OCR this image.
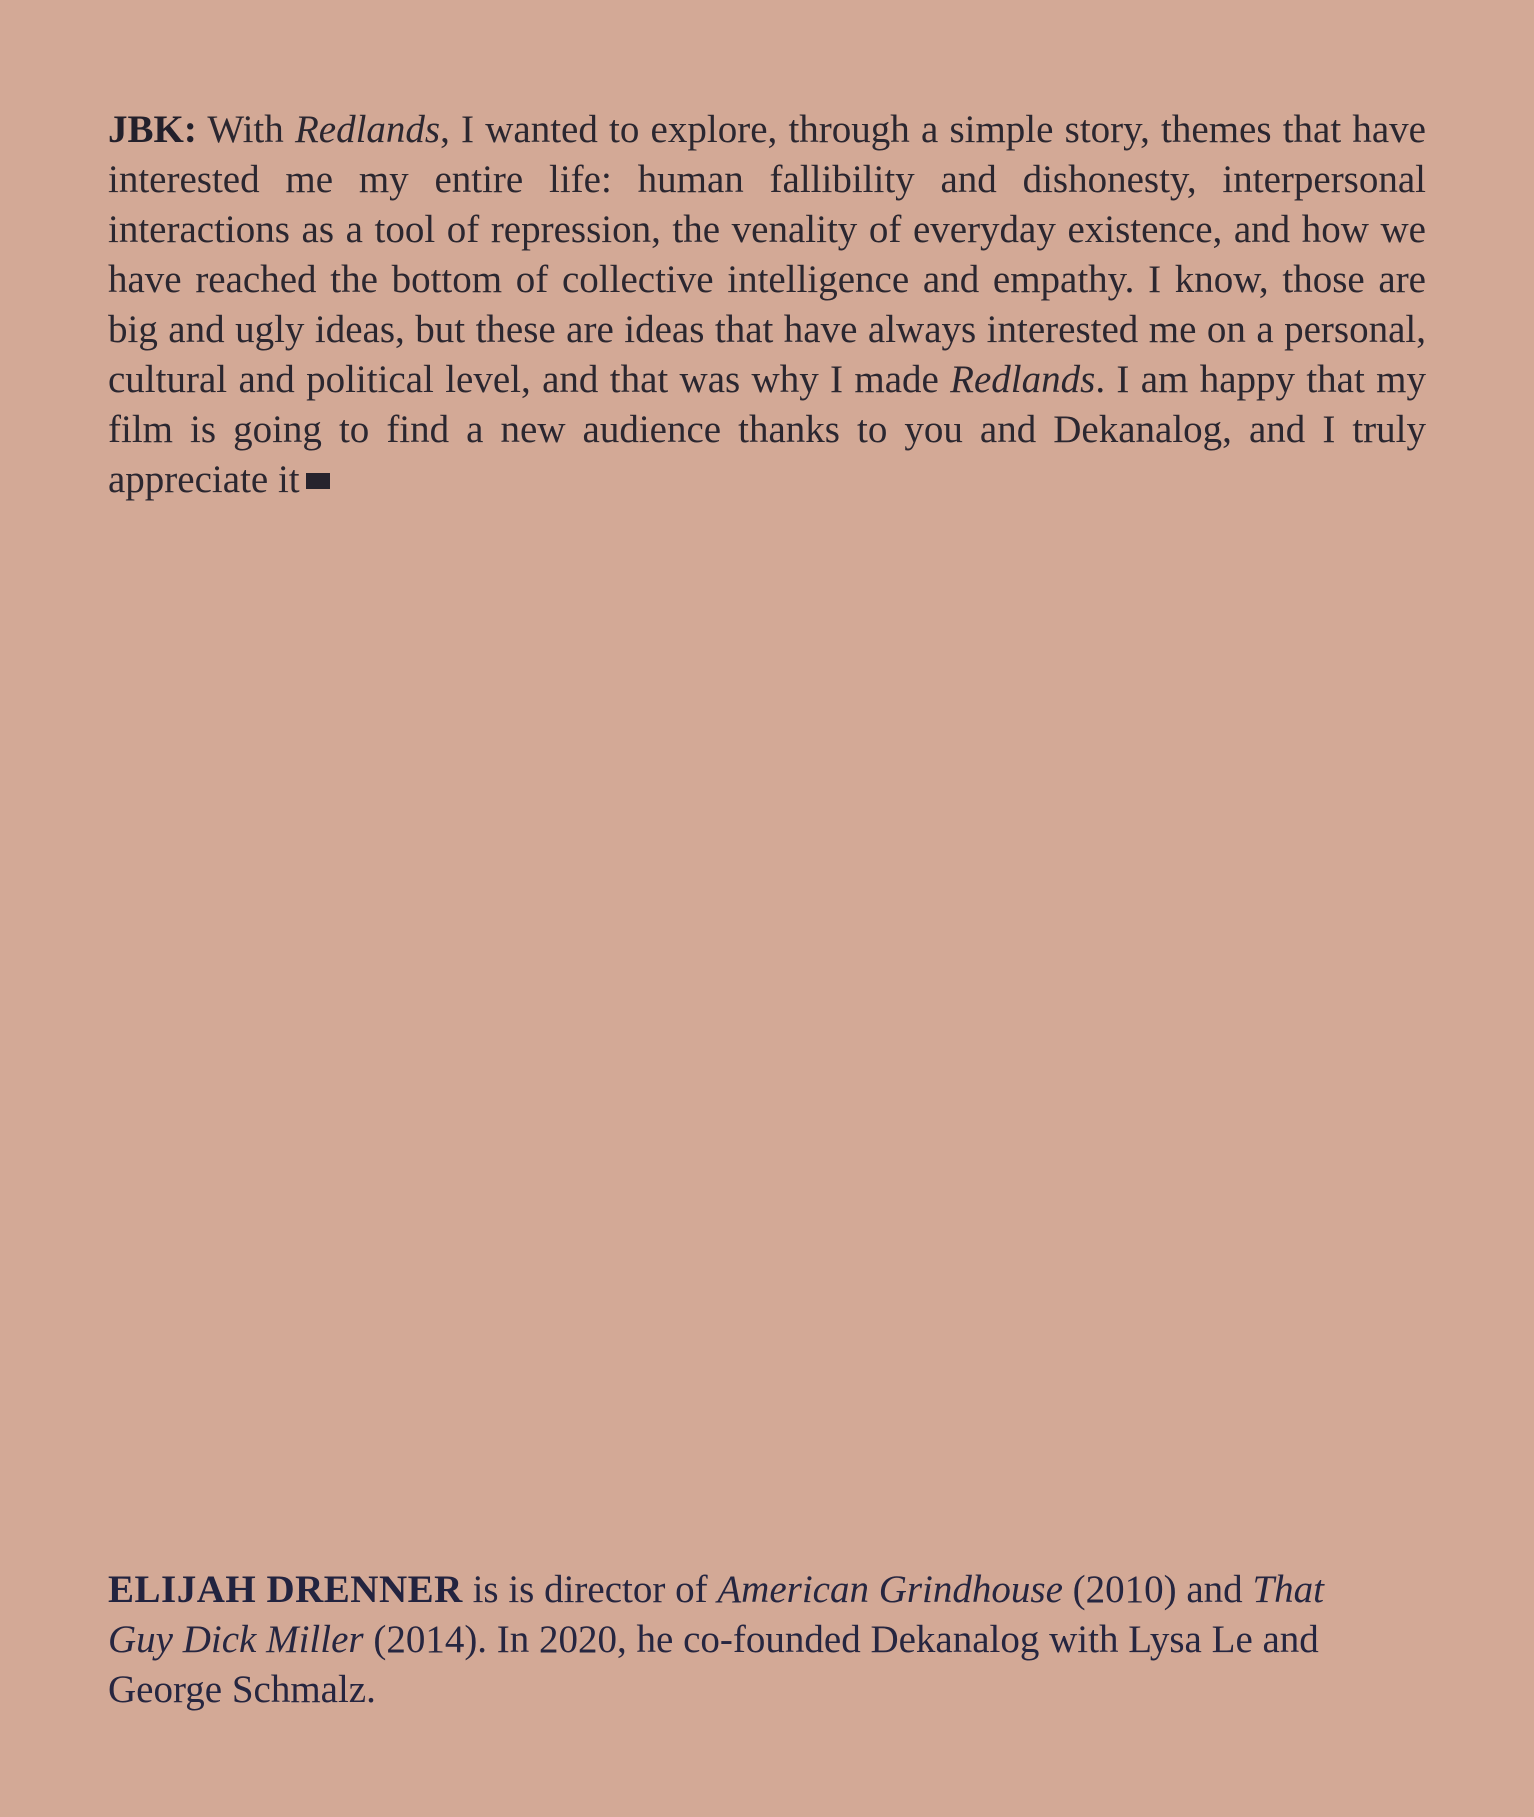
JBK: With Redlands, I wanted to explore, through a simple story, themes that have interested me my entire life: human fallibility and dishonesty, interpersonal interactions as a tool of repression, the venality of everyday existence, and how we have reached the bottom of collective intelligence and empathy. I know, those are big and ugly ideas, but these are ideas that have always interested me on a personal, cultural and political level, and that was why I made Redlands. I am happy that my film is going to find a new audience thanks to you and Dekanalog, and I truly appreciate it

ELIJAH DRENNER is is director of American Grindhouse (2010) and That Guy Dick Miller (2014). In 2020, he co-founded Dekanalog with Lysa Le and George Schmalz.
